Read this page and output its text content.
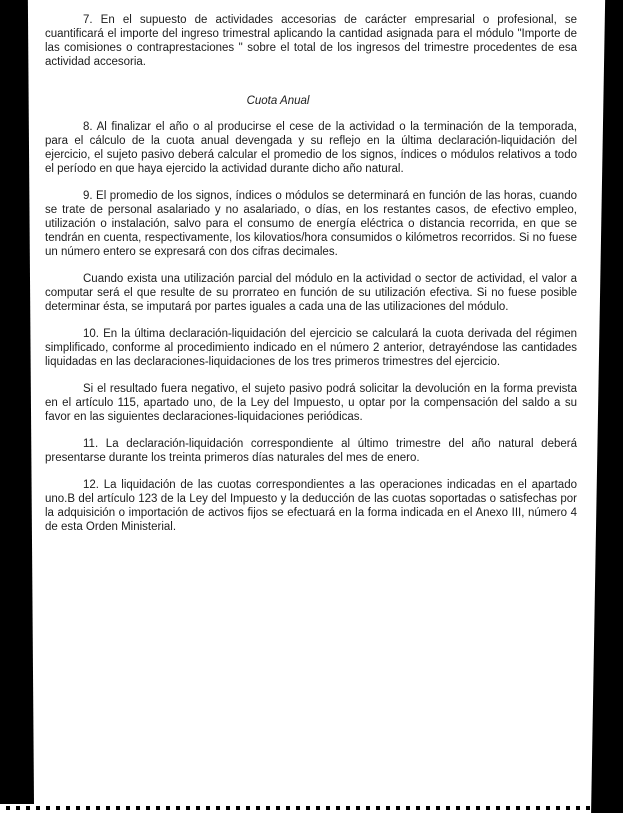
7. En el supuesto de actividades accesorias de carácter empresarial o profesional, se cuantificará el importe del ingreso trimestral aplicando la cantidad asignada para el módulo "Importe de las comisiones o contraprestaciones " sobre el total de los ingresos del trimestre procedentes de esa actividad accesoria.

Cuota Anual

8. Al finalizar el año o al producirse el cese de la actividad o la terminación de la temporada, para el cálculo de la cuota anual devengada y su reflejo en la última declaración-liquidación del ejercicio, el sujeto pasivo deberá calcular el promedio de los signos, índices o módulos relativos a todo el período en que haya ejercido la actividad durante dicho año natural.

9. El promedio de los signos, índices o módulos se determinará en función de las horas, cuando se trate de personal asalariado y no asalariado, o días, en los restantes casos, de efectivo empleo, utilización o instalación, salvo para el consumo de energía eléctrica o distancia recorrida, en que se tendrán en cuenta, respectivamente, los kilovatios/hora consumidos o kilómetros recorridos. Si no fuese un número entero se expresará con dos cifras decimales.

Cuando exista una utilización parcial del módulo en la actividad o sector de actividad, el valor a computar será el que resulte de su prorrateo en función de su utilización efectiva. Si no fuese posible determinar ésta, se imputará por partes iguales a cada una de las utilizaciones del módulo.

10. En la última declaración-liquidación del ejercicio se calculará la cuota derivada del régimen simplificado, conforme al procedimiento indicado en el número 2 anterior, detrayéndose las cantidades liquidadas en las declaraciones-liquidaciones de los tres primeros trimestres del ejercicio.

Si el resultado fuera negativo, el sujeto pasivo podrá solicitar la devolución en la forma prevista en el artículo 115, apartado uno, de la Ley del Impuesto, u optar por la compensación del saldo a su favor en las siguientes declaraciones-liquidaciones periódicas.

11. La declaración-liquidación correspondiente al último trimestre del año natural deberá presentarse durante los treinta primeros días naturales del mes de enero.

12. La liquidación de las cuotas correspondientes a las operaciones indicadas en el apartado uno.B del artículo 123 de la Ley del Impuesto y la deducción de las cuotas soportadas o satisfechas por la adquisición o importación de activos fijos se efectuará en la forma indicada en el Anexo III, número 4 de esta Orden Ministerial.
